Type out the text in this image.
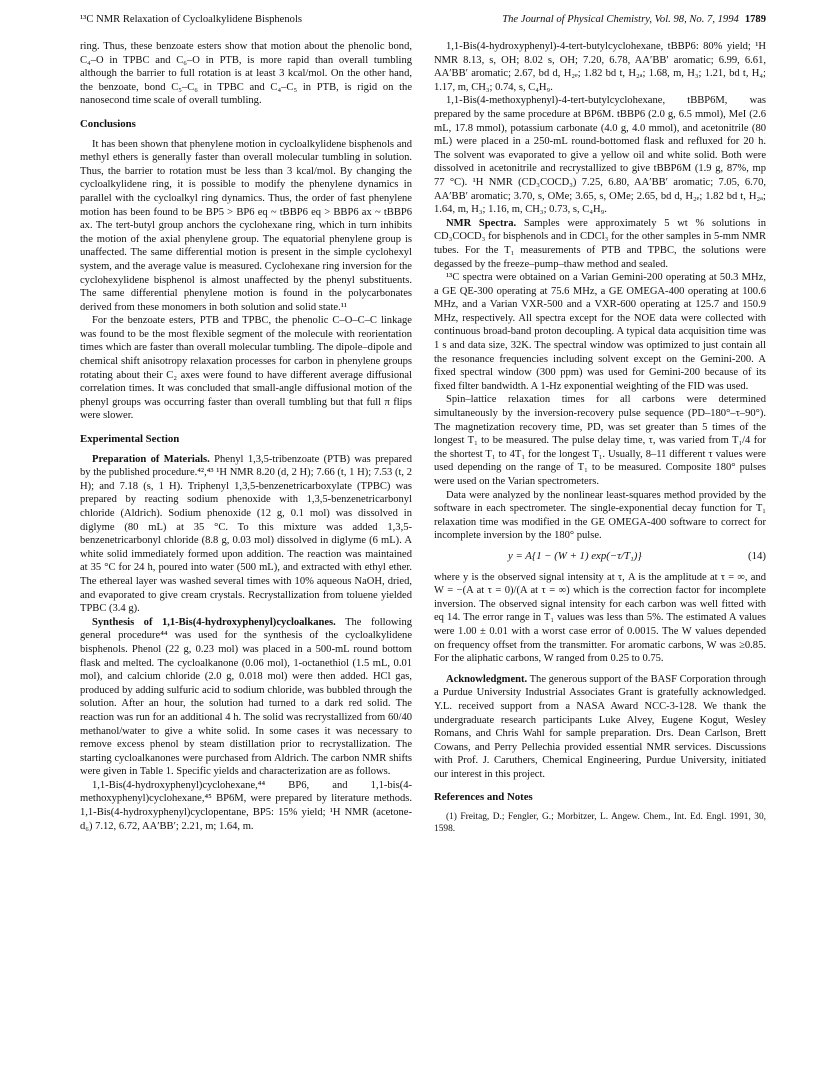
¹³C NMR Relaxation of Cycloalkylidene Bisphenols	The Journal of Physical Chemistry, Vol. 98, No. 7, 1994 1789

ring. Thus, these benzoate esters show that motion about the phenolic bond, C₄–O in TPBC and C₆–O in PTB, is more rapid than overall tumbling although the barrier to full rotation is at least 3 kcal/mol. On the other hand, the benzoate, bond C₅–C₆ in TPBC and C₄–C₅ in PTB, is rigid on the nanosecond time scale of overall tumbling.

Conclusions

It has been shown that phenylene motion in cycloalkylidene bisphenols and methyl ethers is generally faster than overall molecular tumbling in solution. Thus, the barrier to rotation must be less than 3 kcal/mol. By changing the cycloalkylidene ring, it is possible to modify the phenylene dynamics in parallel with the cycloalkyl ring dynamics. Thus, the order of fast phenylene motion has been found to be BP5 > BP6 eq ~ tBBP6 eq > BBP6 ax ~ tBBP6 ax. The tert-butyl group anchors the cyclohexane ring, which in turn inhibits the motion of the axial phenylene group. The equatorial phenylene group is unaffected. The same differential motion is present in the simple cyclohexyl system, and the average value is measured. Cyclohexane ring inversion for the cyclohexylidene bisphenol is almost unaffected by the phenyl substituents. The same differential phenylene motion is found in the polycarbonates derived from these monomers in both solution and solid state.¹¹

For the benzoate esters, PTB and TPBC, the phenolic C–O–C–C linkage was found to be the most flexible segment of the molecule with reorientation times which are faster than overall molecular tumbling. The dipole–dipole and chemical shift anisotropy relaxation processes for carbon in phenylene groups rotating about their C₂ axes were found to have different average diffusional correlation times. It was concluded that small-angle diffusional motion of the phenyl groups was occurring faster than overall tumbling but that full π flips were slower.

Experimental Section

Preparation of Materials. Phenyl 1,3,5-tribenzoate (PTB) was prepared by the published procedure.⁴²,⁴³ ¹H NMR 8.20 (d, 2 H); 7.66 (t, 1 H); 7.53 (t, 2 H); and 7.18 (s, 1 H). Triphenyl 1,3,5-benzenetricarboxylate (TPBC) was prepared by reacting sodium phenoxide with 1,3,5-benzenetricarbonyl chloride (Aldrich). Sodium phenoxide (12 g, 0.1 mol) was dissolved in diglyme (80 mL) at 35 °C. To this mixture was added 1,3,5-benzenetricarbonyl chloride (8.8 g, 0.03 mol) dissolved in diglyme (6 mL). A white solid immediately formed upon addition. The reaction was maintained at 35 °C for 24 h, poured into water (500 mL), and extracted with ethyl ether. The ethereal layer was washed several times with 10% aqueous NaOH, dried, and evaporated to give cream crystals. Recrystallization from toluene yielded TPBC (3.4 g).

Synthesis of 1,1-Bis(4-hydroxyphenyl)cycloalkanes. The following general procedure⁴⁴ was used for the synthesis of the cycloalkylidene bisphenols. Phenol (22 g, 0.23 mol) was placed in a 500-mL round bottom flask and melted. The cycloalkanone (0.06 mol), 1-octanethiol (1.5 mL, 0.01 mol), and calcium chloride (2.0 g, 0.018 mol) were then added. HCl gas, produced by adding sulfuric acid to sodium chloride, was bubbled through the solution. After an hour, the solution had turned to a dark red solid. The reaction was run for an additional 4 h. The solid was recrystallized from 60/40 methanol/water to give a white solid. In some cases it was necessary to remove excess phenol by steam distillation prior to recrystallization. The starting cycloalkanones were purchased from Aldrich. The carbon NMR shifts were given in Table 1. Specific yields and characterization are as follows.

1,1-Bis(4-hydroxyphenyl)cyclohexane,⁴⁴ BP6, and 1,1-bis(4-methoxyphenyl)cyclohexane,⁴⁵ BP6M, were prepared by literature methods. 1,1-Bis(4-hydroxyphenyl)cyclopentane, BP5: 15% yield; ¹H NMR (acetone-d₆) 7.12, 6.72, AA′BB′; 2.21, m; 1.64, m.

1,1-Bis(4-hydroxyphenyl)-4-tert-butylcyclohexane, tBBP6: 80% yield; ¹H NMR 8.13, s, OH; 8.02 s, OH; 7.20, 6.78, AA′BB′ aromatic; 6.99, 6.61, AA′BB′ aromatic; 2.67, bd d, H₂ₑ; 1.82 bd t, H₂ₐ; 1.68, m, H₃; 1.21, bd t, H₄; 1.17, m, CH₃; 0.74, s, C₄H₉.

1,1-Bis(4-methoxyphenyl)-4-tert-butylcyclohexane, tBBP6M, was prepared by the same procedure at BP6M. tBBP6 (2.0 g, 6.5 mmol), MeI (2.6 mL, 17.8 mmol), potassium carbonate (4.0 g, 4.0 mmol), and acetonitrile (80 mL) were placed in a 250-mL round-bottomed flask and refluxed for 20 h. The solvent was evaporated to give a yellow oil and white solid. Both were dissolved in acetonitrile and recrystallized to give tBBP6M (1.9 g, 87%, mp 77 °C). ¹H NMR (CD₃COCD₃) 7.25, 6.80, AA′BB′ aromatic; 7.05, 6.70, AA′BB′ aromatic; 3.70, s, OMe; 3.65, s, OMe; 2.65, bd d, H₂ₑ; 1.82 bd t, H₂ₐ; 1.64, m, H₃; 1.16, m, CH₃; 0.73, s, C₄H₉.

NMR Spectra. Samples were approximately 5 wt % solutions in CD₃COCD₃ for bisphenols and in CDCl₃ for the other samples in 5-mm NMR tubes. For the T₁ measurements of PTB and TPBC, the solutions were degassed by the freeze–pump–thaw method and sealed.

¹³C spectra were obtained on a Varian Gemini-200 operating at 50.3 MHz, a GE QE-300 operating at 75.6 MHz, a GE OMEGA-400 operating at 100.6 MHz, and a Varian VXR-500 and a VXR-600 operating at 125.7 and 150.9 MHz, respectively. All spectra except for the NOE data were collected with continuous broad-band proton decoupling. A typical data acquisition time was 1 s and data size, 32K. The spectral window was optimized to just contain all the resonance frequencies including solvent except on the Gemini-200. A fixed spectral window (300 ppm) was used for Gemini-200 because of its fixed filter bandwidth. A 1-Hz exponential weighting of the FID was used.

Spin–lattice relaxation times for all carbons were determined simultaneously by the inversion-recovery pulse sequence (PD–180°–τ–90°). The magnetization recovery time, PD, was set greater than 5 times of the longest T₁ to be measured. The pulse delay time, τ, was varied from T₁/4 for the shortest T₁ to 4T₁ for the longest T₁. Usually, 8–11 different τ values were used depending on the range of T₁ to be measured. Composite 180° pulses were used on the Varian spectrometers.

Data were analyzed by the nonlinear least-squares method provided by the software in each spectrometer. The single-exponential decay function for T₁ relaxation time was modified in the GE OMEGA-400 software to correct for incomplete inversion by the 180° pulse.

y = A{1 − (W + 1) exp(−τ/T₁)}	(14)

where y is the observed signal intensity at τ, A is the amplitude at τ = ∞, and W = −(A at τ = 0)/(A at τ = ∞) which is the correction factor for incomplete inversion. The observed signal intensity for each carbon was well fitted with eq 14. The error range in T₁ values was less than 5%. The estimated A values were 1.00 ± 0.01 with a worst case error of 0.0015. The W values depended on frequency offset from the transmitter. For aromatic carbons, W was ≥0.85. For the aliphatic carbons, W ranged from 0.25 to 0.75.

Acknowledgment. The generous support of the BASF Corporation through a Purdue University Industrial Associates Grant is gratefully acknowledged. Y.L. received support from a NASA Award NCC-3-128. We thank the undergraduate research participants Luke Alvey, Eugene Kogut, Wesley Romans, and Chris Wahl for sample preparation. Drs. Dean Carlson, Brett Cowans, and Perry Pellechia provided essential NMR services. Discussions with Prof. J. Caruthers, Chemical Engineering, Purdue University, initiated our interest in this project.

References and Notes

(1) Freitag, D.; Fengler, G.; Morbitzer, L. Angew. Chem., Int. Ed. Engl. 1991, 30, 1598.
